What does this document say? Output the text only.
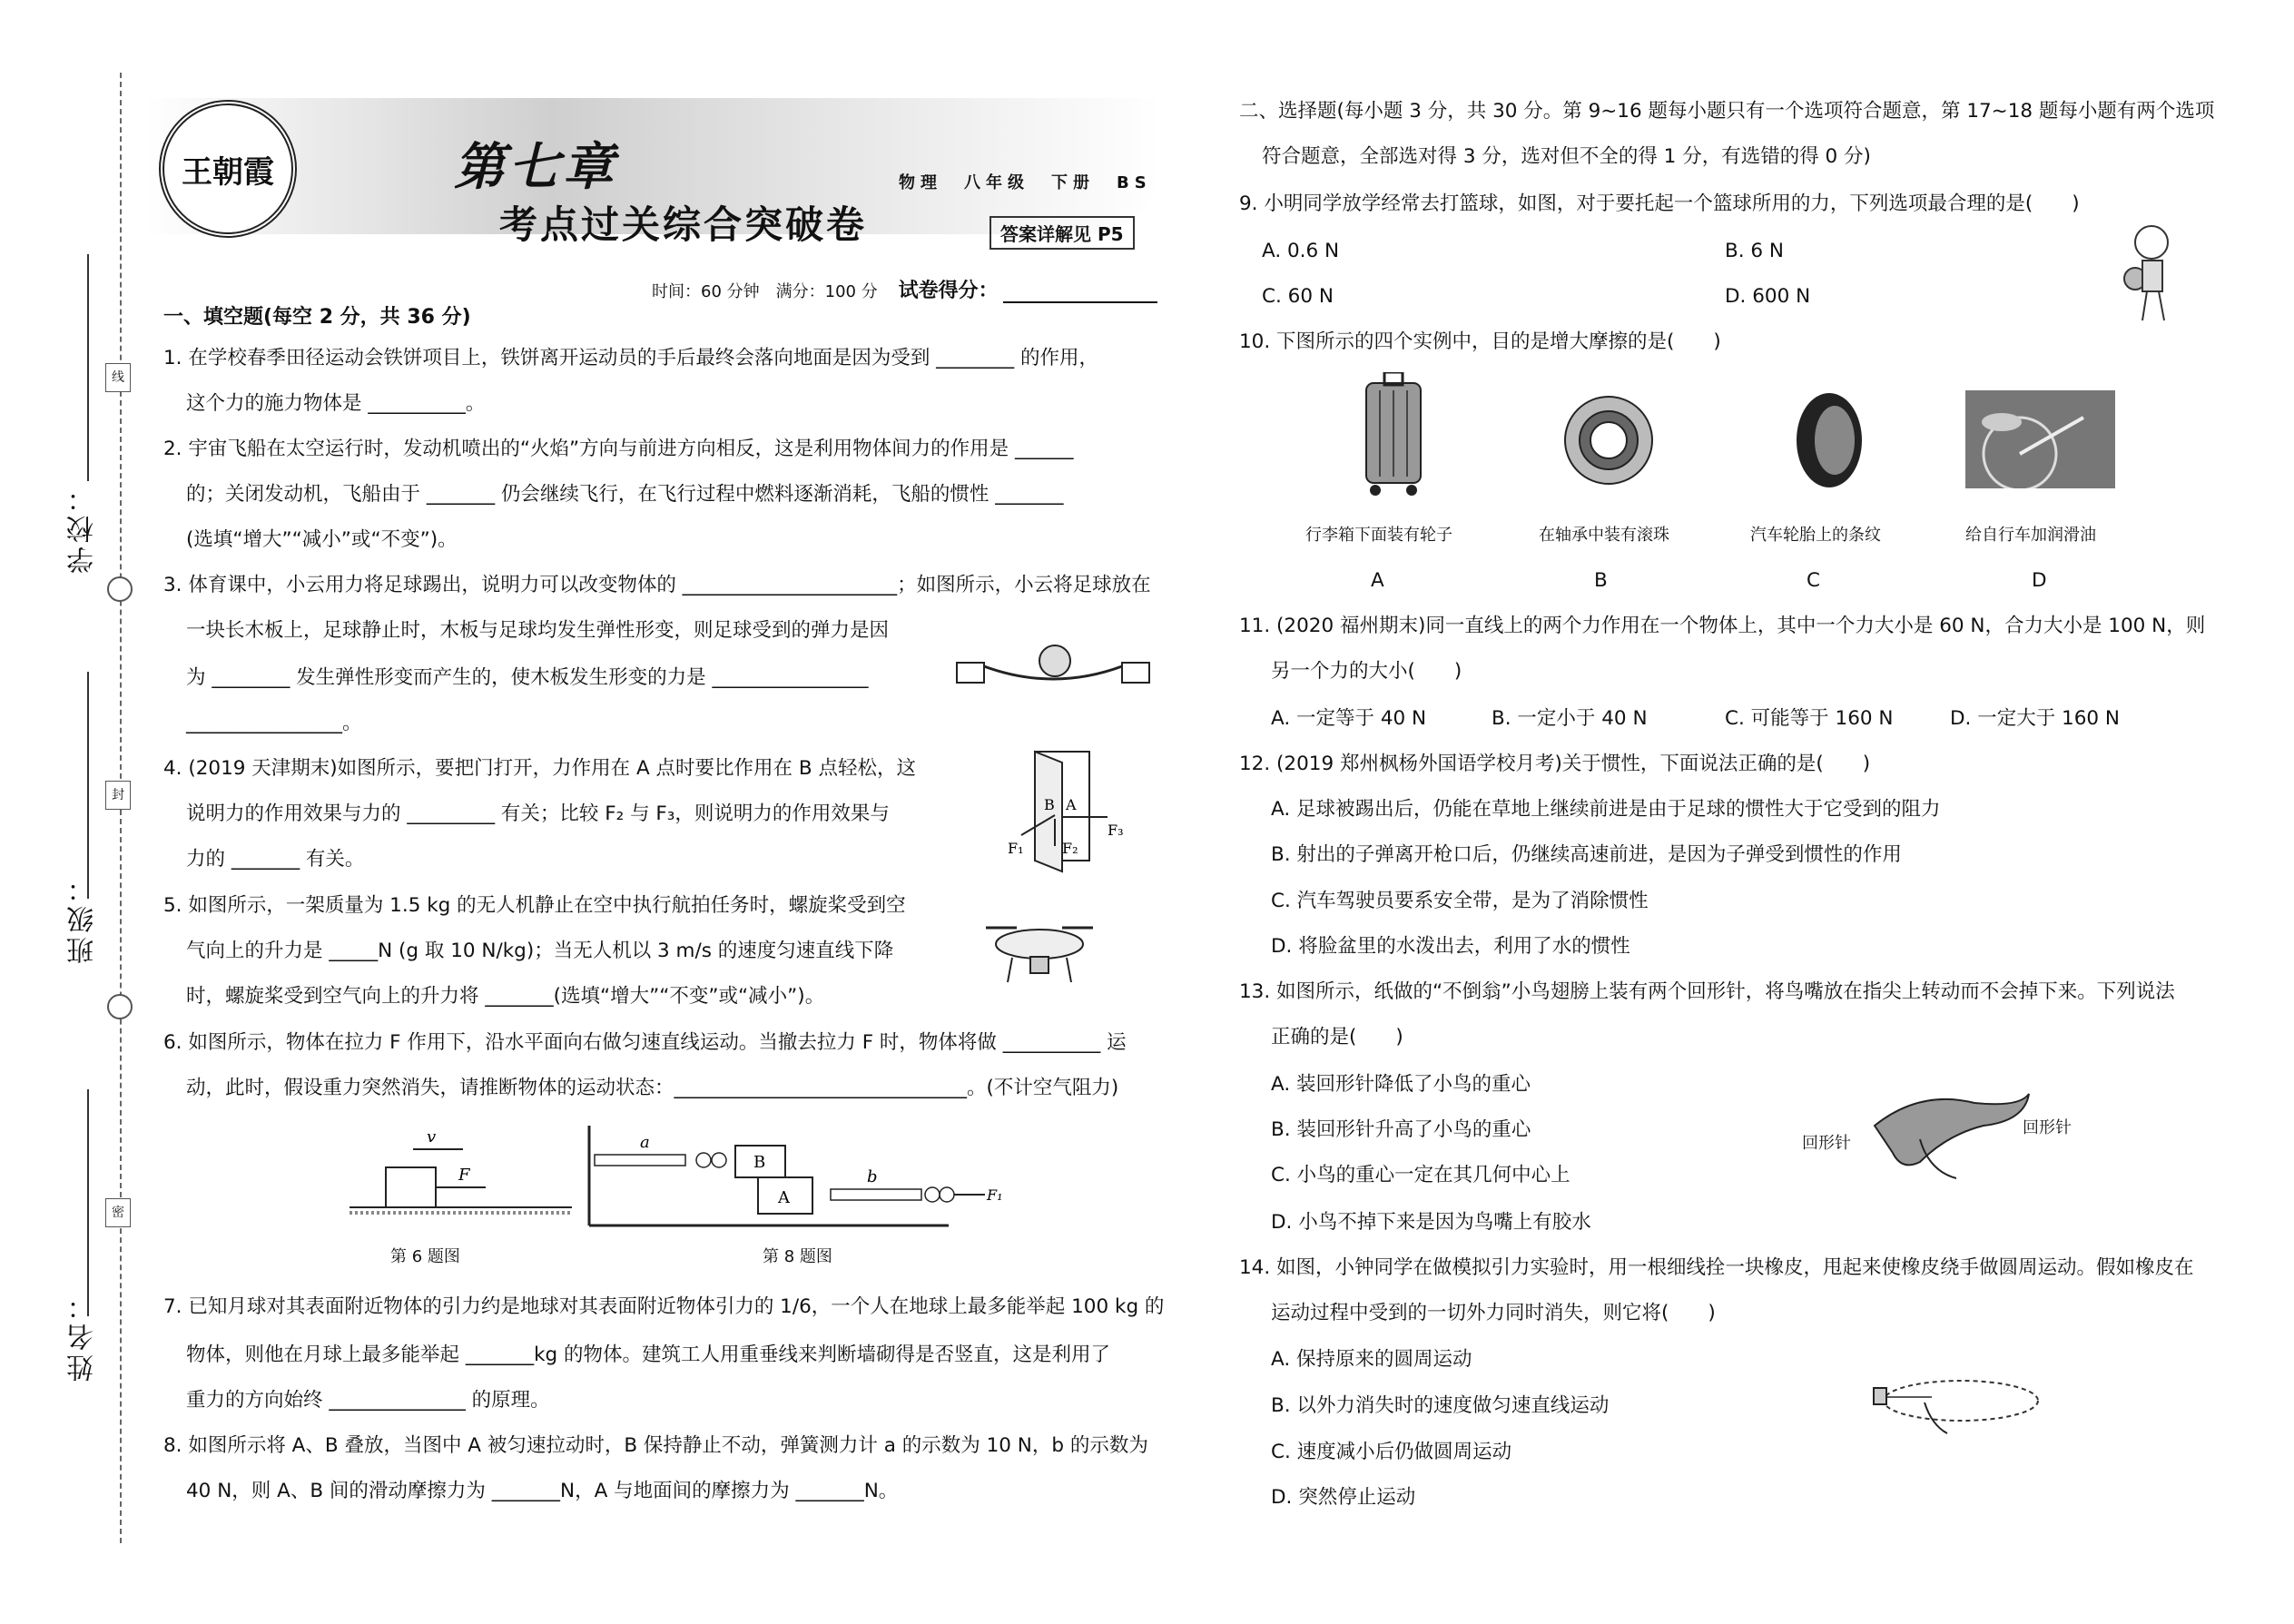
学校：
班级：
姓名：
线
封
密
王朝霞	第七章
考点过关综合突破卷
物理　八年级　下册　BS
答案详解见 P5
时间：60 分钟　满分：100 分 试卷得分：
一、填空题(每空 2 分，共 36 分)
1. 在学校春季田径运动会铁饼项目上，铁饼离开运动员的手后最终会落向地面是因为受到 ________ 的作用，
这个力的施力物体是 __________。
2. 宇宙飞船在太空运行时，发动机喷出的“火焰”方向与前进方向相反，这是利用物体间力的作用是 ______
的；关闭发动机，飞船由于 _______ 仍会继续飞行，在飞行过程中燃料逐渐消耗，飞船的惯性 _______
(选填“增大”“减小”或“不变”)。
3. 体育课中，小云用力将足球踢出，说明力可以改变物体的 ______________________；如图所示，小云将足球放在
一块长木板上，足球静止时，木板与足球均发生弹性形变，则足球受到的弹力是因
为 ________ 发生弹性形变而产生的，使木板发生形变的力是 ________________
________________。
4. (2019 天津期末)如图所示，要把门打开，力作用在 A 点时要比作用在 B 点轻松，这
说明力的作用效果与力的 _________ 有关；比较 F₂ 与 F₃，则说明力的作用效果与
力的 _______ 有关。
5. 如图所示，一架质量为 1.5 kg 的无人机静止在空中执行航拍任务时，螺旋桨受到空
气向上的升力是 _____N (g 取 10 N/kg)；当无人机以 3 m/s 的速度匀速直线下降
时，螺旋桨受到空气向上的升力将 _______(选填“增大”“不变”或“减小”)。
6. 如图所示，物体在拉力 F 作用下，沿水平面向右做匀速直线运动。当撤去拉力 F 时，物体将做 __________ 运
动，此时，假设重力突然消失，请推断物体的运动状态：______________________________。(不计空气阻力)
F₁
F₃
F₂
B A
v
F
第 6 题图
a
b
B
A	F₁
第 8 题图
7. 已知月球对其表面附近物体的引力约是地球对其表面附近物体引力的 1/6，一个人在地球上最多能举起 100 kg 的
物体，则他在月球上最多能举起 _______kg 的物体。建筑工人用重垂线来判断墙砌得是否竖直，这是利用了
重力的方向始终 ______________ 的原理。
8. 如图所示将 A、B 叠放，当图中 A 被匀速拉动时，B 保持静止不动，弹簧测力计 a 的示数为 10 N，b 的示数为
40 N，则 A、B 间的滑动摩擦力为 _______N，A 与地面间的摩擦力为 _______N。
二、选择题(每小题 3 分，共 30 分。第 9~16 题每小题只有一个选项符合题意，第 17~18 题每小题有两个选项
符合题意，全部选对得 3 分，选对但不全的得 1 分，有选错的得 0 分)
9. 小明同学放学经常去打篮球，如图，对于要托起一个篮球所用的力，下列选项最合理的是(　　)
A. 0.6 N	B. 6 N
C. 60 N	D. 600 N
10. 下图所示的四个实例中，目的是增大摩擦的是(　　)
行李箱下面装有轮子	在轴承中装有滚珠	汽车轮胎上的条纹	给自行车加润滑油
A	B	C	D
11. (2020 福州期末)同一直线上的两个力作用在一个物体上，其中一个力大小是 60 N，合力大小是 100 N，则
另一个力的大小(　　)
A. 一定等于 40 N	B. 一定小于 40 N	C. 可能等于 160 N	D. 一定大于 160 N
12. (2019 郑州枫杨外国语学校月考)关于惯性，下面说法正确的是(　　)
A. 足球被踢出后，仍能在草地上继续前进是由于足球的惯性大于它受到的阻力
B. 射出的子弹离开枪口后，仍继续高速前进，是因为子弹受到惯性的作用
C. 汽车驾驶员要系安全带，是为了消除惯性
D. 将脸盆里的水泼出去，利用了水的惯性
13. 如图所示，纸做的“不倒翁”小鸟翅膀上装有两个回形针，将鸟嘴放在指尖上转动而不会掉下来。下列说法
正确的是(　　)
A. 装回形针降低了小鸟的重心
B. 装回形针升高了小鸟的重心
C. 小鸟的重心一定在其几何中心上
D. 小鸟不掉下来是因为鸟嘴上有胶水
回形针
回形针
14. 如图，小钟同学在做模拟引力实验时，用一根细线拴一块橡皮，甩起来使橡皮绕手做圆周运动。假如橡皮在
运动过程中受到的一切外力同时消失，则它将(　　)
A. 保持原来的圆周运动
B. 以外力消失时的速度做匀速直线运动
C. 速度减小后仍做圆周运动
D. 突然停止运动
